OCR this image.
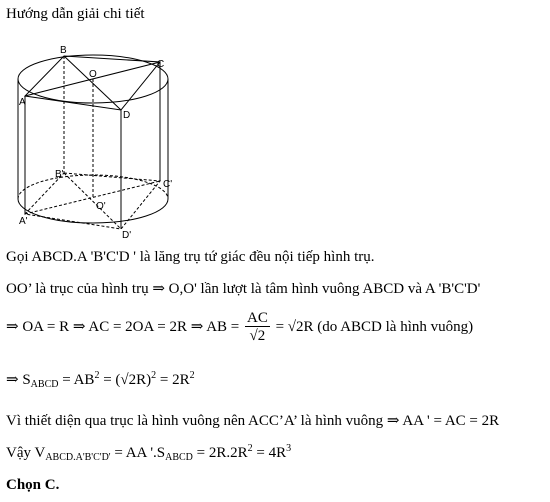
Hướng dẫn giải chi tiết
B
C
O
A
D
B'
C'
O'
A'
D'
Gọi ABCD.A 'B'C'D ' là lăng trụ tứ giác đều nội tiếp hình trụ.
OO’ là trục của hình trụ ⇒ O,O' lần lượt là tâm hình vuông ABCD và A 'B'C'D'
⇒ OA = R ⇒ AC = 2OA = 2R ⇒ AB = $\frac{AC}{√2} = √2R$ (do ABCD là hình vuông)
⇒ $S_{ABCD} = AB^2 = (√2R)^2 = 2R^2$
Vì thiết diện qua trục là hình vuông nên ACC’A’ là hình vuông ⇒ AA ' = AC = 2R
Vậy $V_{ABCD.A'B'C'D'}$ = AA '$.S_{ABCD} = 2R.2R^2 = 4R^3$
Chọn C.
